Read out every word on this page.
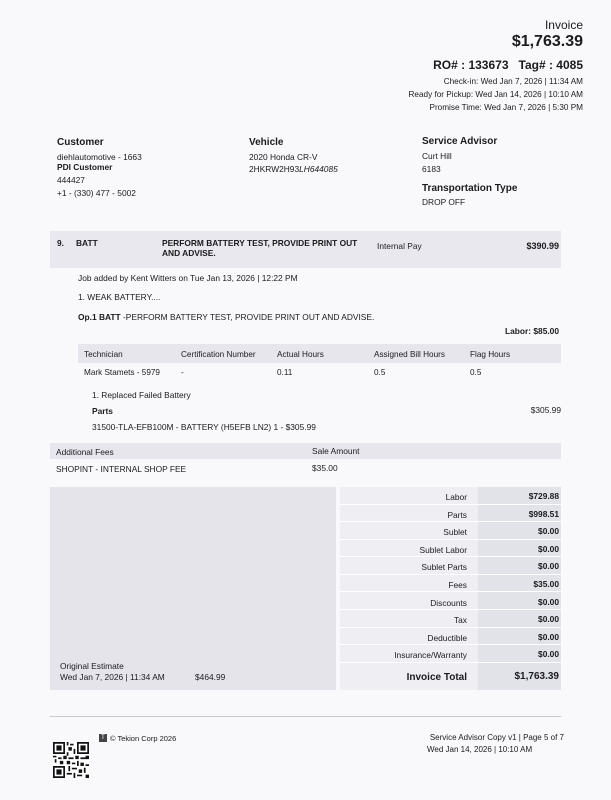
Invoice
$1,763.39
RO# : 133673 Tag# : 4085
Check-in: Wed Jan 7, 2026 | 11:34 AM
Ready for Pickup: Wed Jan 14, 2026 | 10:10 AM
Promise Time: Wed Jan 7, 2026 | 5:30 PM
Customer
diehlautomotive - 1663
PDI Customer
444427
+1 - (330) 477 - 5002
Vehicle
2020 Honda CR-V
2HKRW2H93LH644085
Service Advisor
Curt Hill
6183
Transportation Type
DROP OFF
9. BATT	PERFORM BATTERY TEST, PROVIDE PRINT OUT AND ADVISE.
Internal Pay	$390.99
Job added by Kent Witters on Tue Jan 13, 2026 | 12:22 PM
1. WEAK BATTERY....
Op.1 BATT -PERFORM BATTERY TEST, PROVIDE PRINT OUT AND ADVISE.
Labor: $85.00
Technician	Certification Number	Actual Hours	Assigned Bill Hours	Flag Hours
Mark Stamets - 5979	-	0.11	0.5	0.5
1. Replaced Failed Battery
Parts	$305.99
31500-TLA-EFB100M - BATTERY (H5EFB LN2) 1 - $305.99
Additional Fees	Sale Amount
SHOPINT - INTERNAL SHOP FEE	$35.00
Labor	$729.88
Parts	$998.51
Sublet	$0.00
Sublet Labor	$0.00
Sublet Parts	$0.00
Fees	$35.00
Discounts	$0.00
Tax	$0.00
Deductible	$0.00
Insurance/Warranty	$0.00
Invoice Total	$1,763.39
Original Estimate
Wed Jan 7, 2026 | 11:34 AM	$464.99
T © Tekion Corp 2026	Service Advisor Copy v1 | Page 5 of 7
Wed Jan 14, 2026 | 10:10 AM
